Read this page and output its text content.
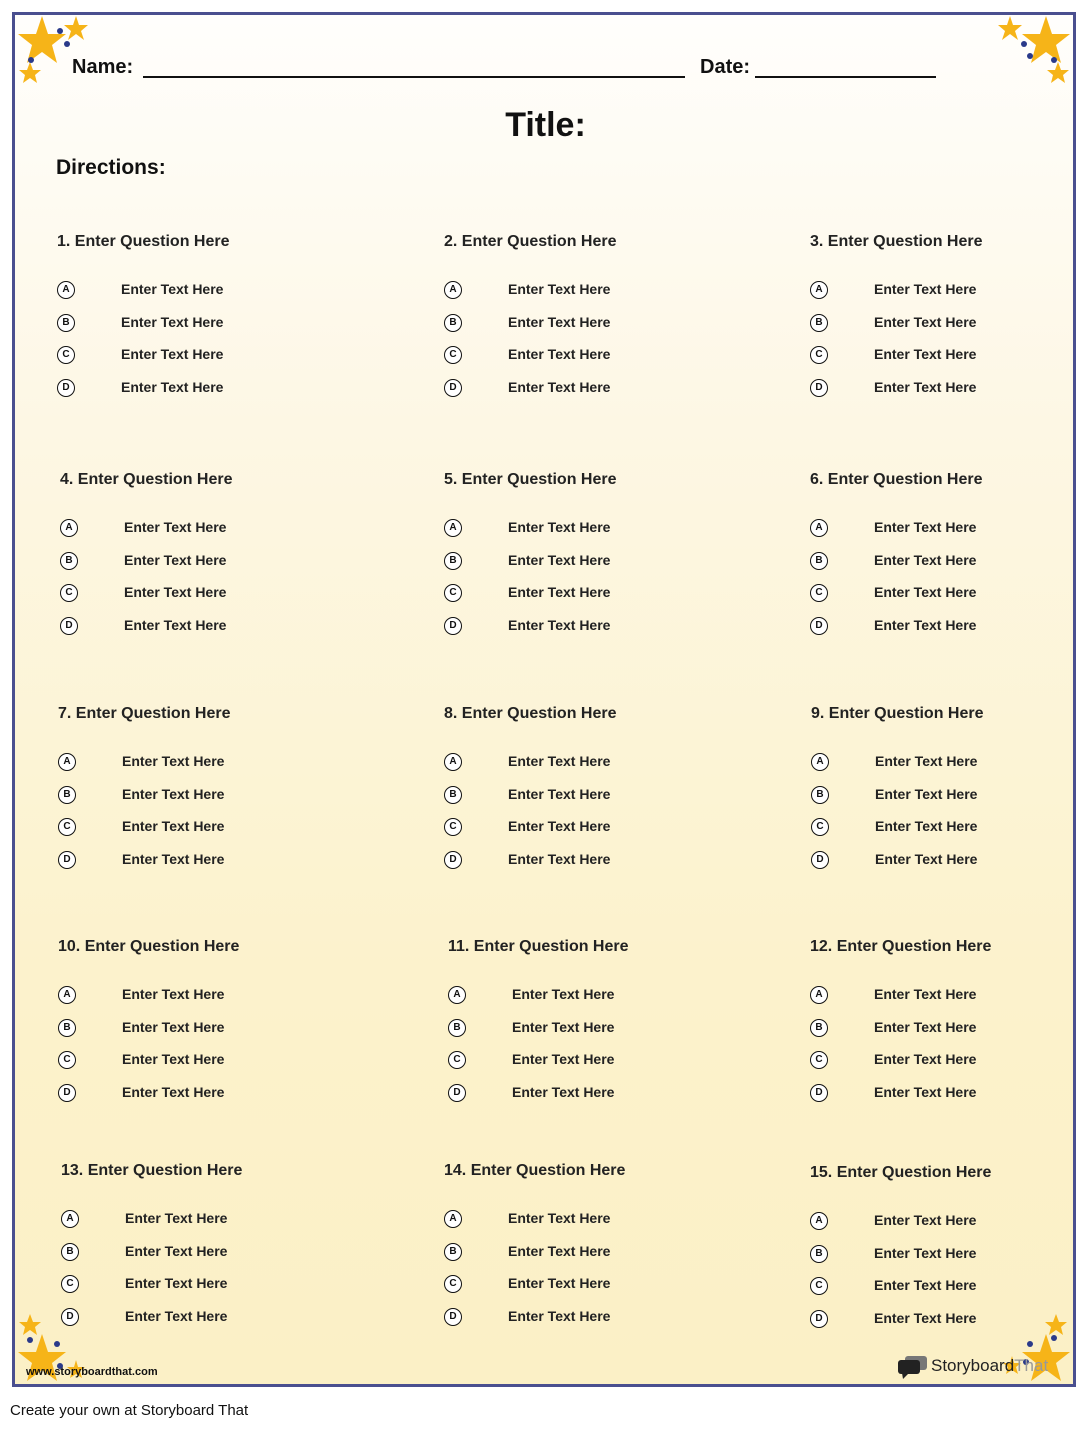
Name:	Date:
Title:
Directions:
1. Enter Question Here
A	Enter Text Here
B	Enter Text Here
C	Enter Text Here
D	Enter Text Here
2. Enter Question Here
A	Enter Text Here
B	Enter Text Here
C	Enter Text Here
D	Enter Text Here
3. Enter Question Here
A	Enter Text Here
B	Enter Text Here
C	Enter Text Here
D	Enter Text Here
4. Enter Question Here
A	Enter Text Here
B	Enter Text Here
C	Enter Text Here
D	Enter Text Here
5. Enter Question Here
A	Enter Text Here
B	Enter Text Here
C	Enter Text Here
D	Enter Text Here
6. Enter Question Here
A	Enter Text Here
B	Enter Text Here
C	Enter Text Here
D	Enter Text Here
7. Enter Question Here
A	Enter Text Here
B	Enter Text Here
C	Enter Text Here
D	Enter Text Here
8. Enter Question Here
A	Enter Text Here
B	Enter Text Here
C	Enter Text Here
D	Enter Text Here
9. Enter Question Here
A	Enter Text Here
B	Enter Text Here
C	Enter Text Here
D	Enter Text Here
10. Enter Question Here
A	Enter Text Here
B	Enter Text Here
C	Enter Text Here
D	Enter Text Here
11. Enter Question Here
A	Enter Text Here
B	Enter Text Here
C	Enter Text Here
D	Enter Text Here
12. Enter Question Here
A	Enter Text Here
B	Enter Text Here
C	Enter Text Here
D	Enter Text Here
13. Enter Question Here
A	Enter Text Here
B	Enter Text Here
C	Enter Text Here
D	Enter Text Here
14. Enter Question Here
A	Enter Text Here
B	Enter Text Here
C	Enter Text Here
D	Enter Text Here
15. Enter Question Here
A	Enter Text Here
B	Enter Text Here
C	Enter Text Here
D	Enter Text Here
www.storyboardthat.com	StoryboardThat
Create your own at Storyboard That
